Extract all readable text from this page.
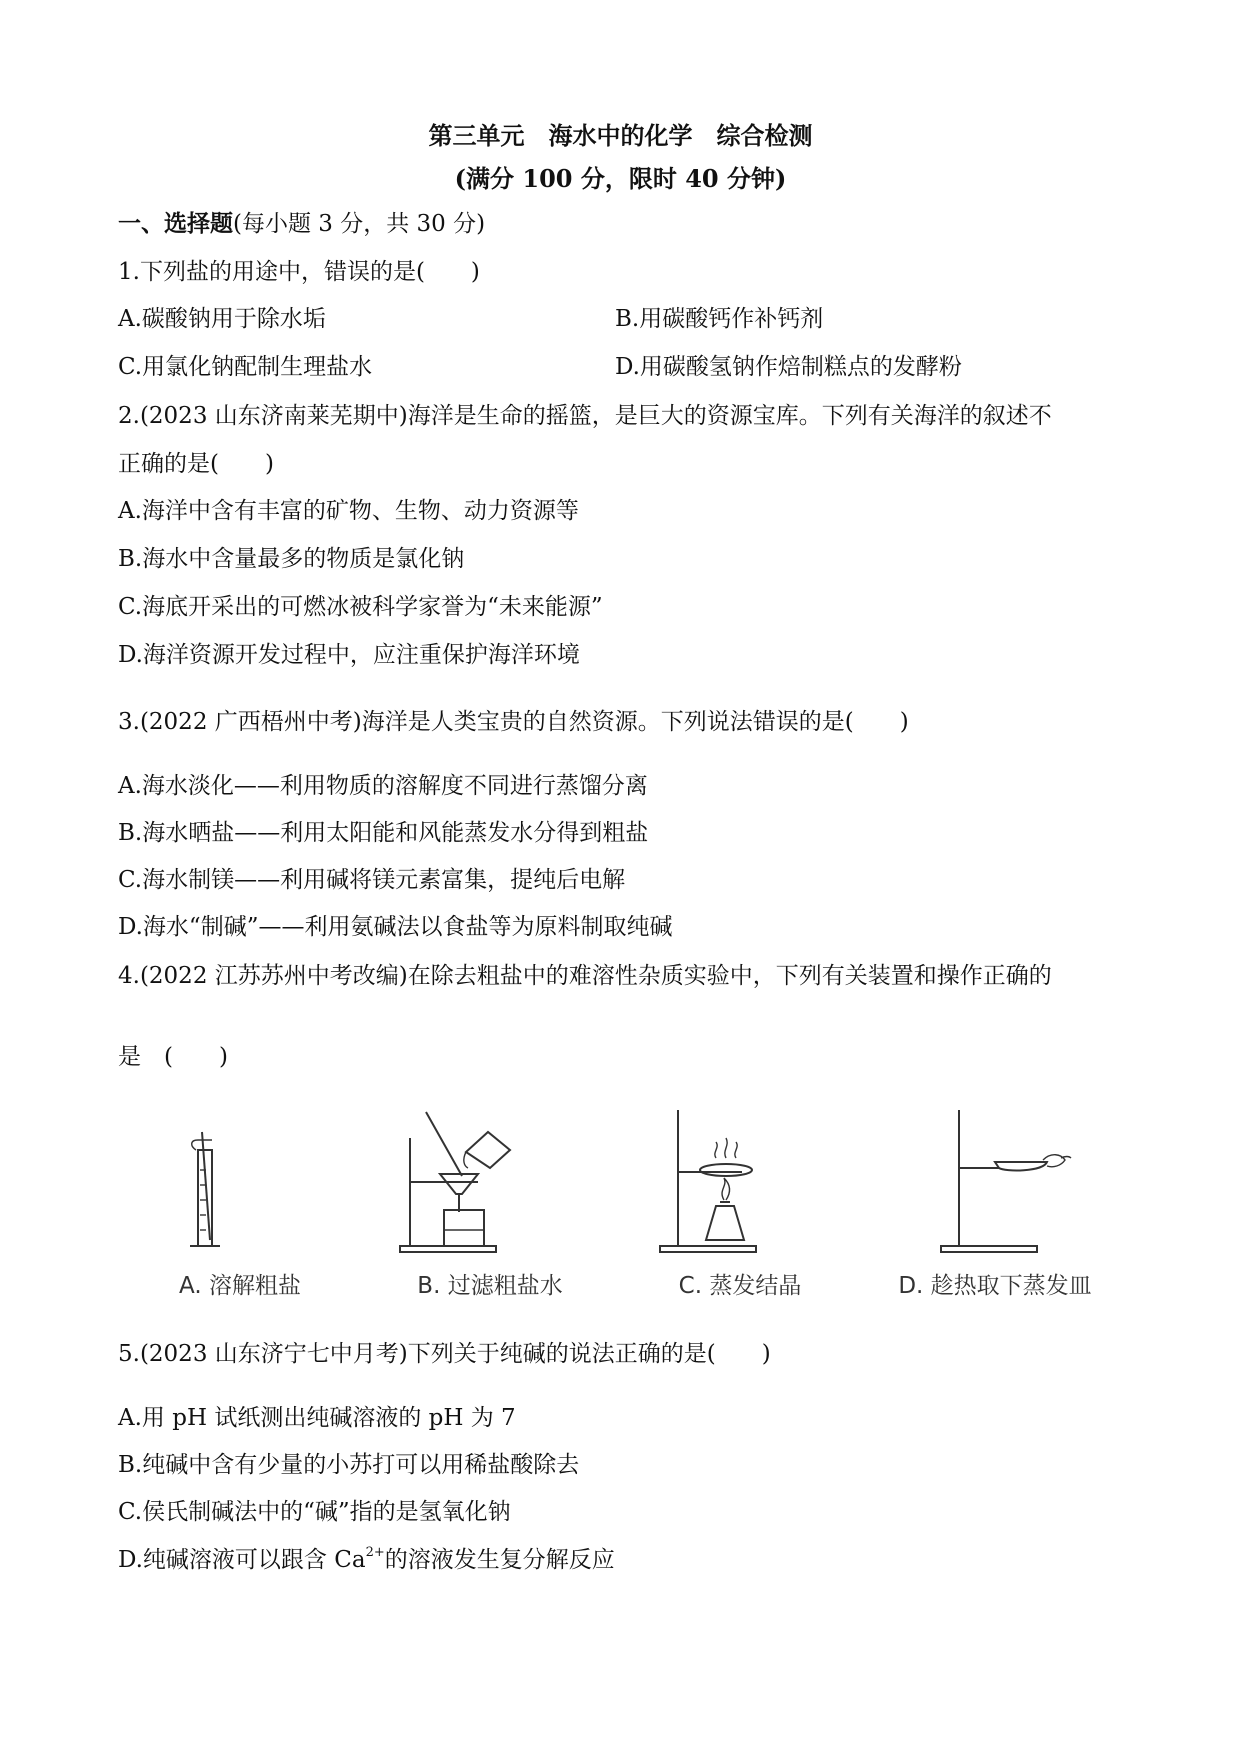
第三单元　海水中的化学　综合检测
(满分 100 分，限时 40 分钟)
一、选择题(每小题 3 分，共 30 分)
1.下列盐的用途中，错误的是(　　)
A.碳酸钠用于除水垢	B.用碳酸钙作补钙剂
C.用氯化钠配制生理盐水	D.用碳酸氢钠作焙制糕点的发酵粉
2.(2023 山东济南莱芜期中)海洋是生命的摇篮，是巨大的资源宝库。下列有关海洋的叙述不
正确的是(　　)
A.海洋中含有丰富的矿物、生物、动力资源等
B.海水中含量最多的物质是氯化钠
C.海底开采出的可燃冰被科学家誉为“未来能源”
D.海洋资源开发过程中，应注重保护海洋环境
3.(2022 广西梧州中考)海洋是人类宝贵的自然资源。下列说法错误的是(　　)
A.海水淡化——利用物质的溶解度不同进行蒸馏分离
B.海水晒盐——利用太阳能和风能蒸发水分得到粗盐
C.海水制镁——利用碱将镁元素富集，提纯后电解
D.海水“制碱”——利用氨碱法以食盐等为原料制取纯碱
4.(2022 江苏苏州中考改编)在除去粗盐中的难溶性杂质实验中，下列有关装置和操作正确的
是　(　　)
A. 溶解粗盐	B. 过滤粗盐水	C. 蒸发结晶	D. 趁热取下蒸发皿
5.(2023 山东济宁七中月考)下列关于纯碱的说法正确的是(　　)
A.用 pH 试纸测出纯碱溶液的 pH 为 7
B.纯碱中含有少量的小苏打可以用稀盐酸除去
C.侯氏制碱法中的“碱”指的是氢氧化钠
D.纯碱溶液可以跟含 $Ca^{2+}$的溶液发生复分解反应
